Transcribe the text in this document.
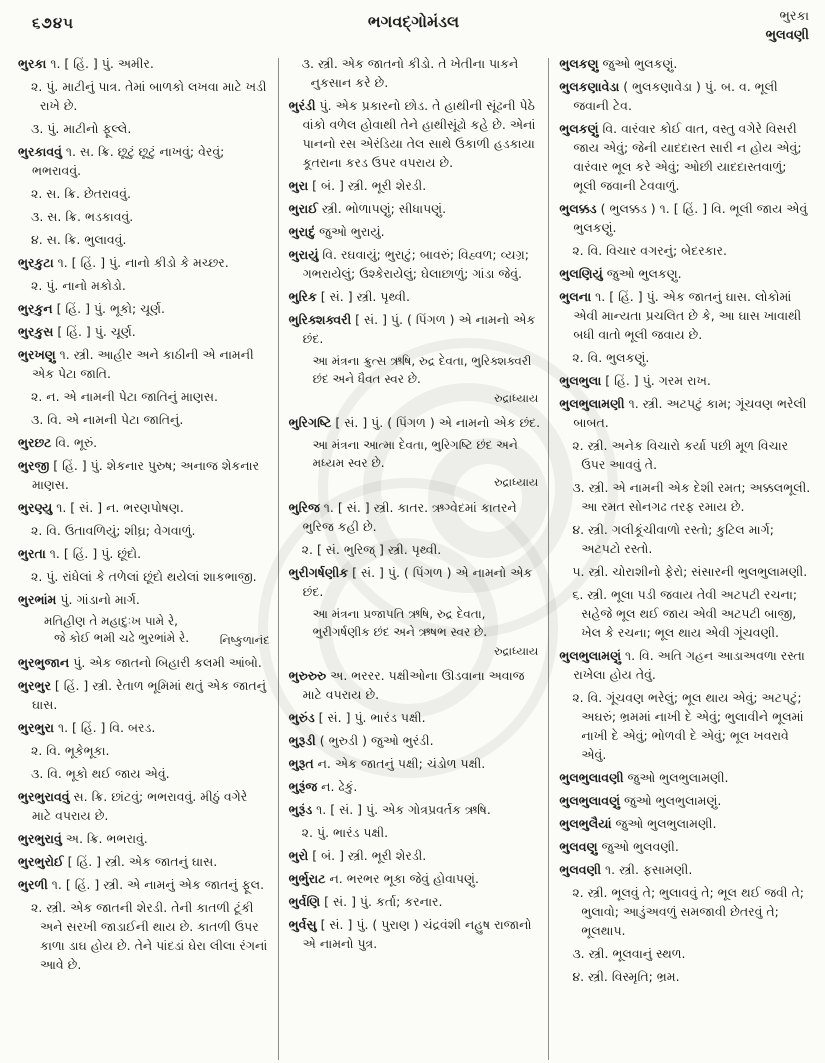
૬૭૪૫	ભગવદ્ગોમંડલ	ભુરકા
ભુલવણી

ભુરકા ૧. [ હિં. ] પું. અમીર.

૨. પું. માટીનું પાત્ર. તેમાં બાળકો લખવા માટે ખડી રાખે છે.

૩. પું. માટીનો ફૂલ્લે.

ભુરકાવવું ૧. સ. ક્રિ. છૂટું છૂટું નાખવું; વેરવું; ભભરાવવું.

૨. સ. ક્રિ. છેતરાવવું.

૩. સ. ક્રિ. ભડકાવવું.

૪. સ. ક્રિ. ભુલાવવું.

ભુરકુટા ૧. [ હિં. ] પું. નાનો કીડો કે મચ્છર.

૨. પું. નાનો મકોડો.

ભુરકુન [ હિં. ] પું. ભૂકો; ચૂર્ણ.

ભુરકુસ [ હિં. ] પું. ચૂર્ણ.

ભુરખણુ ૧. સ્ત્રી. આહીર અને કાઠીની એ નામની એક પેટા જાતિ.

૨. ન. એ નામની પેટા જાતિનું માણસ.

૩. વિ. એ નામની પેટા જાતિનું.

ભુરછટ વિ. ભૂરું.

ભુરજી [ હિં. ] પું. શેકનાર પુરુષ; અનાજ શેકનાર માણસ.

ભુરણ્યુ ૧. [ સં. ] ન. ભરણપોષણ.

૨. વિ. ઉતાવળિયું; શીઘ્ર; વેગવાળું.

ભુરતા ૧. [ હિં. ] પું. છૂંદો.

૨. પું. રાંધેલાં કે તળેલાં છૂંદો થયેલાં શાકભાજી.

ભુરભાંમ પું. ગાંડાનો માર્ગ.

મતિહીણ તે મહાદુઃખ પામે રે,
જે કોઈ ભમી ચઢે ભુરભાંમે રે.	નિષ્કુળાનંદ

ભુરભુજાન પું. એક જાતનો બિહારી કલમી આંબો.

ભુરભુર [ હિં. ] સ્ત્રી. રેતાળ ભૂમિમાં થતું એક જાતનું ઘાસ.

ભુરભુરા ૧. [ હિં. ] વિ. બરડ.

૨. વિ. ભૂકેભૂકા.

૩. વિ. ભૂકો થઈ જાય એવું.

ભુરભુરાવવું સ. ક્રિ. છાંટવું; ભભરાવવું. મીઠું વગેરે માટે વપરાય છે.

ભુરભુરાવું અ. ક્રિ. ભભરાવું.

ભુરભુરોઈ [ હિં. ] સ્ત્રી. એક જાતનું ઘાસ.

ભુરળી ૧. [ હિં. ] સ્ત્રી. એ નામનું એક જાતનું ફૂલ.

૨. સ્ત્રી. એક જાતની શેરડી. તેની કાતળી ટૂંકી અને સરખી જાડાઈની થાય છે. કાતળી ઉપર કાળા ડાઘ હોય છે. તેને પાંદડાં ઘેરા લીલા રંગનાં આવે છે.

૩. સ્ત્રી. એક જાતનો કીડો. તે ખેતીના પાકને નુકસાન કરે છે.

ભુરંડી પું. એક પ્રકારનો છોડ. તે હાથીની સૂંઢની પેઠે વાંકો વળેલ હોવાથી તેને હાથીસૂંઢો કહે છે. એનાં પાનનો રસ એરંડિયા તેલ સાથે ઉકાળી હડકાયા કૂતરાના કરડ ઉપર વપરાય છે.

ભુરા [ બં. ] સ્ત્રી. ભૂરી શેરડી.

ભુરાઈ સ્ત્રી. ભોળાપણું; સીધાપણું.

ભુરાદું જુઓ ભુરાયું.

ભુરાયું વિ. રઘવાયું; ભુરાટું; બાવરું; વિહ્વળ; વ્યગ્ર; ગભરાયેલું; ઉશ્કેરાયેલું; ઘેલાછાળું; ગાંડા જેવું.

ભુરિક [ સં. ] સ્ત્રી. પૃથ્વી.

ભુરિક્શક્વરી [ સં. ] પું. ( પિંગળ ) એ નામનો એક છંદ.

આ મંત્રના ક્રુત્સ ઋષિ, રુદ્ર દેવતા, ભુરિક્શક્વરી છંદ અને ધૈવત સ્વર છે.
રુદ્રાધ્યાય

ભુરિગષ્ટિ [ સં. ] પું. ( પિંગળ ) એ નામનો એક છંદ.

આ મંત્રના આત્મા દેવતા, ભુરિગષ્ટિ છંદ અને મધ્યમ સ્વર છે.
રુદ્રાધ્યાય

ભુરિજ ૧. [ સં. ] સ્ત્રી. કાતર. ઋગ્વેદમાં કાતરને ભુરિજ કહી છે.

૨. [ સં. ભુરિજ્ ] સ્ત્રી. પૃથ્વી.

ભુરીગર્ષણીક [ સં. ] પું. ( પિંગળ ) એ નામનો એક છંદ.

આ મંત્રના પ્રજાપતિ ઋષિ, રુદ્ર દેવતા, ભુરીગર્ષણીક છંદ અને ઋષભ સ્વર છે.
રુદ્રાધ્યાય

ભુરુરુરુ અ. ભરરર. પક્ષીઓના ઊડવાના અવાજ માટે વપરાય છે.

ભુરુંડ [ સં. ] પું. ભારંડ પક્ષી.

ભુરૂડી ( ભુરુડી ) જુઓ ભુરંડી.

ભુરૂત ન. એક જાતનું પક્ષી; ચંડોળ પક્ષી.

ભુરૂંજ ન. ઢેકું.

ભુરૂંડ ૧. [ સં. ] પું. એક ગોત્રપ્રવર્તક ઋષિ.

૨. પું. ભારંડ પક્ષી.

ભુરો [ બં. ] સ્ત્રી. ભૂરી શેરડી.

ભુર્ભુરાટ ન. ભરભર ભૂકા જેવું હોવાપણું.

ભુર્વણિ [ સં. ] પું. કર્તા; કરનાર.

ભુર્વસુ [ સં. ] પું. ( પુરાણ ) ચંદ્રવંશી નહુષ રાજાનો એ નામનો પુત્ર.

ભુલકણુ જુઓ ભુલકણું.

ભુલકણાવેડા ( ભુલકણાવેડા ) પું. બ. વ. ભૂલી જવાની ટેવ.

ભુલકણું વિ. વારંવાર કોઈ વાત, વસ્તુ વગેરે વિસરી જાય એવું; જેની યાદદાસ્ત સારી ન હોય એવું; વારંવાર ભૂલ કરે એવું; ઓછી યાદદાસ્તવાળું; ભૂલી જવાની ટેવવાળું.

ભુલક્કડ ( ભુલક્કડ ) ૧. [ હિં. ] વિ. ભૂલી જાય એવું ભુલકણું.

૨. વિ. વિચાર વગરનું; બેદરકાર.

ભુલણિયું જુઓ ભુલકણુ.

ભુલના ૧. [ હિં. ] પું. એક જાતનું ઘાસ. લોકોમાં એવી માન્યતા પ્રચલિત છે કે, આ ઘાસ ખાવાથી બધી વાતો ભૂલી જવાય છે.

૨. વિ. ભુલકણું.

ભુલભુલા [ હિં. ] પું. ગરમ રાખ.

ભુલભુલામણી ૧. સ્ત્રી. અટપટું કામ; ગૂંચવણ ભરેલી બાબત.

૨. સ્ત્રી. અનેક વિચારો કર્યા પછી મૂળ વિચાર ઉપર આવવું તે.

૩. સ્ત્રી. એ નામની એક દેશી રમત; અક્કલભૂલી. આ રમત સોનગઢ તરફ રમાય છે.

૪. સ્ત્રી. ગલીકૂંચીવાળો રસ્તો; કુટિલ માર્ગ; અટપટો રસ્તો.

૫. સ્ત્રી. ચોરાશીનો ફેરો; સંસારની ભુલભુલામણી.

૬. સ્ત્રી. ભૂલા પડી જવાય તેવી અટપટી રચના; સહેજે ભૂલ થઈ જાય એવી અટપટી બાજી, ખેલ કે રચના; ભૂલ થાય એવી ગૂંચવણી.

ભુલભુલામણું ૧. વિ. અતિ ગહન આડાઅવળા રસ્તા રાખેલા હોય તેવું.

૨. વિ. ગૂંચવણ ભરેલું; ભૂલ થાય એવું; અટપટું; અઘરું; ભ્રમમાં નાખી દે એવું; ભુલાવીને ભૂલમાં નાખી દે એવું; ભોળવી દે એવું; ભૂલ ખવરાવે એવું.

ભુલભુલાવણી જુઓ ભુલભુલામણી.

ભુલભુલાવણું જુઓ ભુલભુલામણું.

ભુલભુલૈયાં જુઓ ભુલભુલામણી.

ભુલવણુ જુઓ ભુલવણી.

ભુલવણી ૧. સ્ત્રી. ફસામણી.

૨. સ્ત્રી. ભૂલવું તે; ભુલાવવું તે; ભૂલ થઈ જવી તે; ભુલાવો; આડુંઅવળું સમજાવી છેતરવું તે; ભૂલથાપ.

૩. સ્ત્રી. ભૂલવાનું સ્થળ.

૪. સ્ત્રી. વિસ્મૃતિ; ભ્રમ.
